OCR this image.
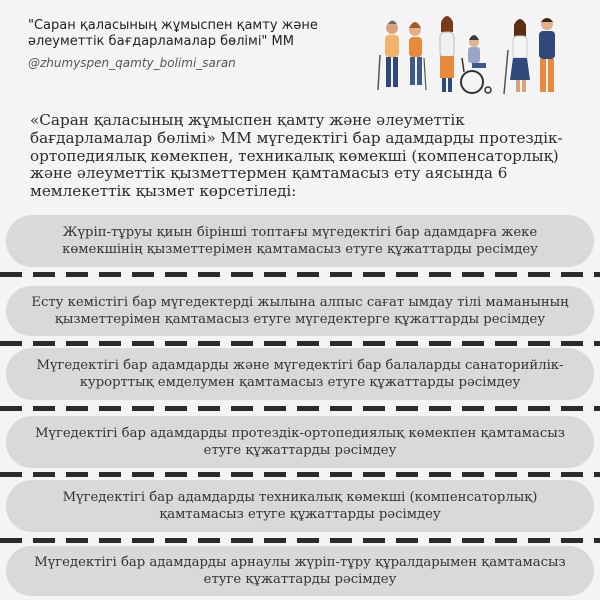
"Саран қаласының жұмыспен қамту және әлеуметтік бағдарламалар бөлімі" ММ
@zhumyspen_qamty_bolimi_saran
«Саран қаласының жұмыспен қамту және әлеуметтік бағдарламалар бөлімі» ММ мүгедектігі бар адамдарды протездік-ортопедиялық көмекпен, техникалық көмекші (компенсаторлық) және әлеуметтік қызметтермен қамтамасыз ету аясында 6 мемлекеттік қызмет көрсетіледі:
Жүріп-тұруы қиын бірінші топтағы мүгедектігі бар адамдарға жеке көмекшінің қызметтерімен қамтамасыз етуге құжаттарды ресімдеу
Есту кемістігі бар мүгедектерді жылына алпыс сағат ымдау тілі маманының қызметтерімен қамтамасыз етуге мүгедектерге құжаттарды ресімдеу
Мүгедектігі бар адамдарды және мүгедектігі бар балаларды санаторийлік-курорттық емделумен қамтамасыз етуге құжаттарды рәсімдеу
Мүгедектігі бар адамдарды протездік-ортопедиялық көмекпен қамтамасыз етуге құжаттарды рәсімдеу
Мүгедектігі бар адамдарды техникалық көмекші (компенсаторлық) қамтамасыз етуге құжаттарды рәсімдеу
Мүгедектігі бар адамдарды арнаулы жүріп-тұру құралдарымен қамтамасыз етуге құжаттарды рәсімдеу
